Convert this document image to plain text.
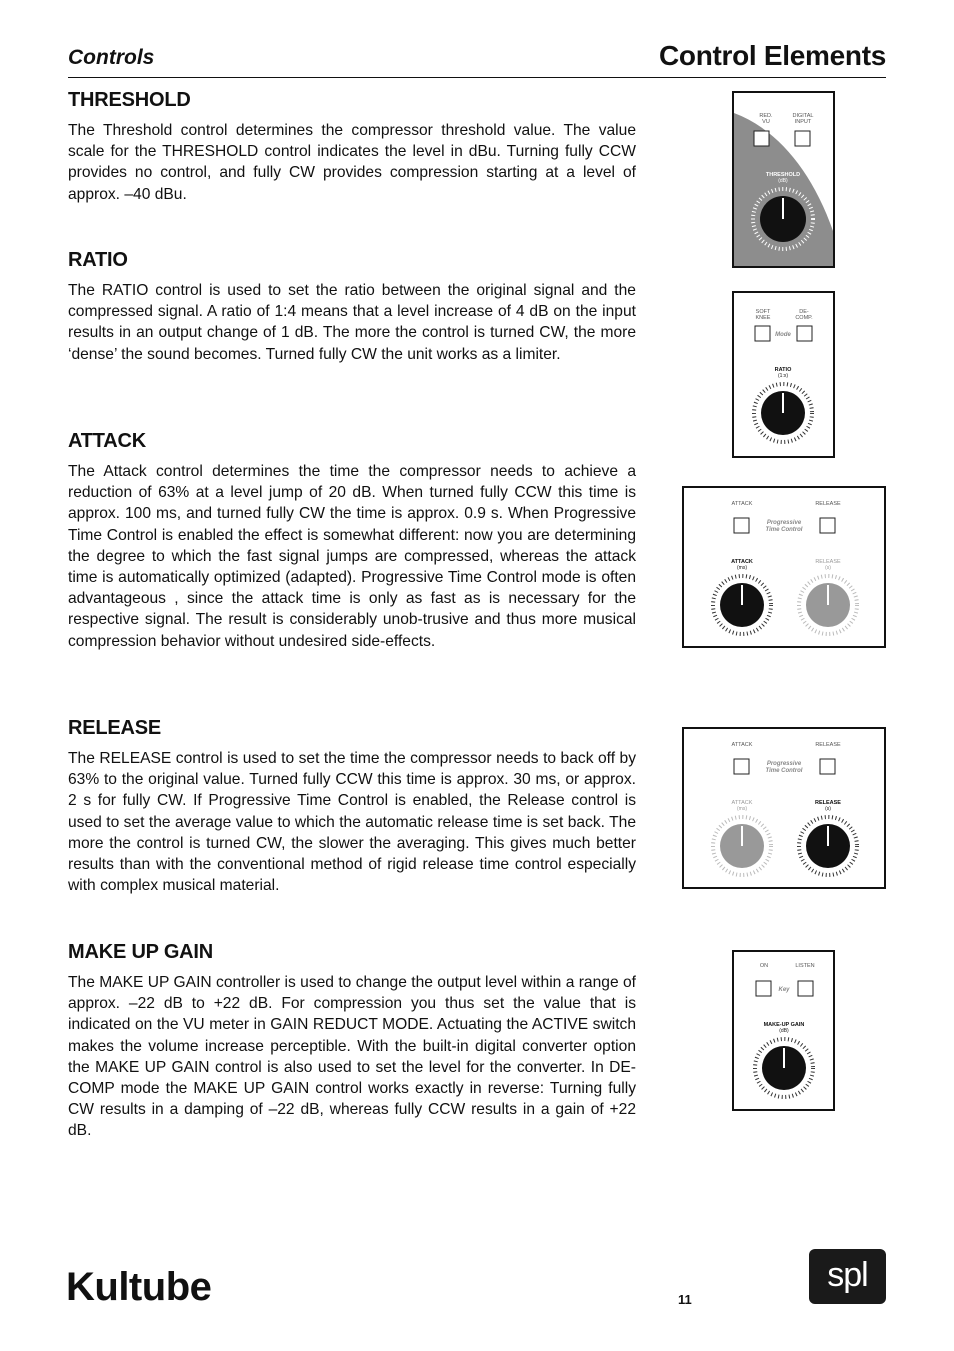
Controls	Control Elements
THRESHOLD

The Threshold control determines the compressor threshold value. The value scale for the THRESHOLD control indicates the level in dBu. Turning fully CCW provides no control, and fully CW provides compression starting at a level of approx. –40 dBu.

RATIO

The RATIO control is used to set the ratio between the original signal and the compressed signal. A ratio of 1:4 means that a level increase of 4 dB on the input results in an output change of 1 dB. The more the control is turned CW, the more ‘dense’ the sound becomes. Turned fully CW the unit works as a limiter.

ATTACK

The Attack control determines the time the compressor needs to achieve a reduction of 63% at a level jump of 20 dB. When turned fully CCW this time is approx. 100 ms, and turned fully CW the time is approx. 0.9 s. When Progressive Time Control is enabled the effect is somewhat different: now you are determining the degree to which the fast signal jumps are compressed, whereas the attack time is automatically optimized (adapted). Progressive Time Control mode is often advantageous , since the attack time is only as fast as is necessary for the respective signal. The result is considerably unob-trusive and thus more musical compression behavior without undesired side-effects.

RELEASE

The RELEASE control is used to set the time the compressor needs to back off by 63% to the original value. Turned fully CCW this time is approx. 30 ms, or approx. 2 s for fully CW. If Progressive Time Control is enabled, the Release control is used to set the average value to which the automatic release time is set back. The more the control is turned CW, the slower the averaging. This gives much better results than with the conventional method of rigid release time control especially with complex musical material.

MAKE UP GAIN

The MAKE UP GAIN controller is used to change the output level within a range of approx. –22 dB to +22 dB. For compression you thus set the value that is indicated on the VU meter in GAIN REDUCT MODE. Actuating the ACTIVE switch makes the volume increase perceptible. With the built-in digital converter option the MAKE UP GAIN control is also used to set the level for the converter. In DE-COMP mode the MAKE UP GAIN control works exactly in reverse: Turning fully CW results in a damping of –22 dB, whereas fully CCW results in a gain of +22 dB.

RED.
VU
DIGITAL
INPUT
THRESHOLD
(dB)
SOFT
KNEE
DE-
COMP.
Mode
RATIO
(1:x)
ATTACK	RELEASE
Progressive
Time Control
ATTACK
(ms)
RELEASE
(s)
ATTACK	RELEASE
Progressive
Time Control
ATTACK
(ms)
RELEASE
(s)
ON	LISTEN
Key
MAKE-UP GAIN
(dB)
Kultube	11
spl
